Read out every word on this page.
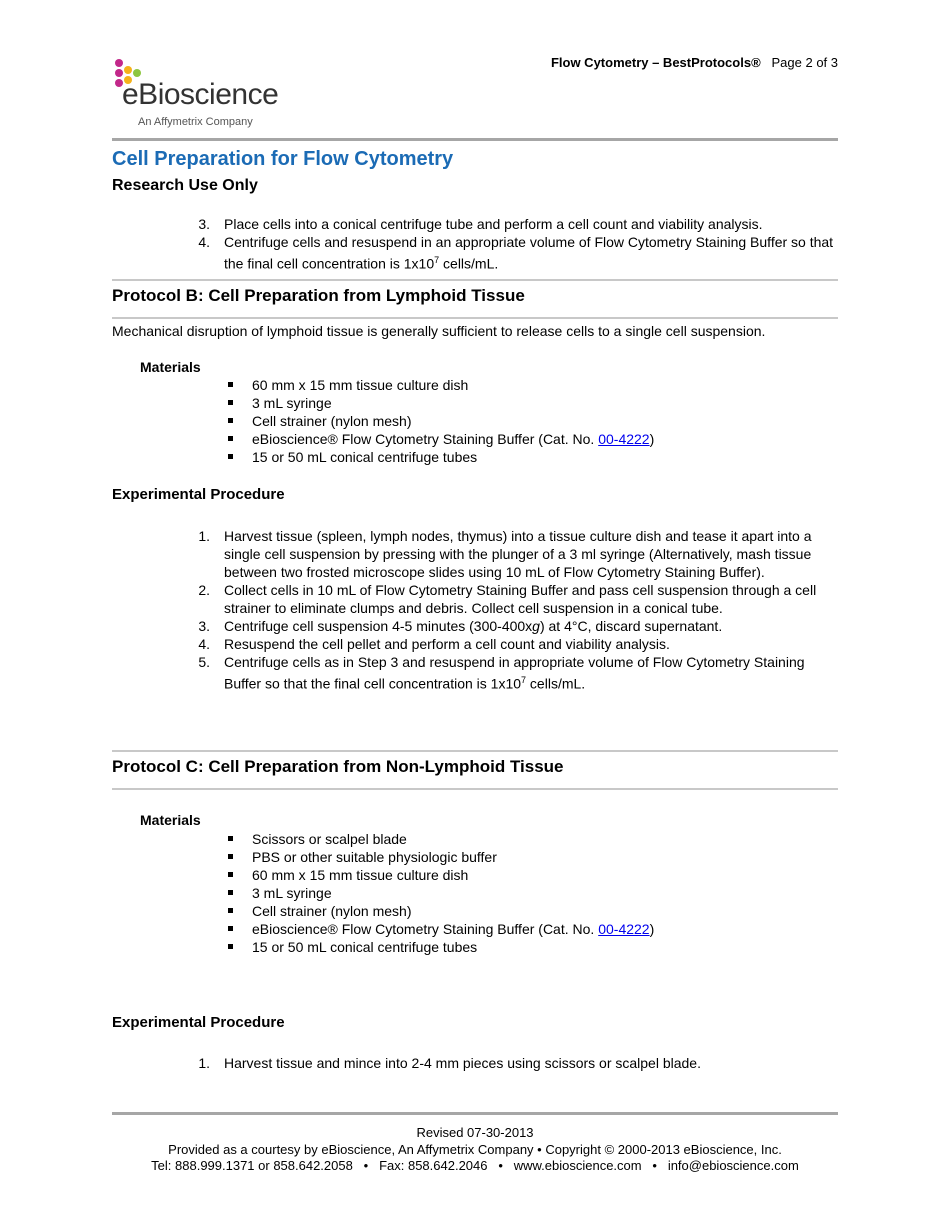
Flow Cytometry – BestProtocols® Page 2 of 3
eBioscience
An Affymetrix Company
Cell Preparation for Flow Cytometry
Research Use Only
3. Place cells into a conical centrifuge tube and perform a cell count and viability analysis.
4. Centrifuge cells and resuspend in an appropriate volume of Flow Cytometry Staining Buffer so that the final cell concentration is $1x10^7$ cells/mL.
Protocol B: Cell Preparation from Lymphoid Tissue
Mechanical disruption of lymphoid tissue is generally sufficient to release cells to a single cell suspension.
Materials
60 mm x 15 mm tissue culture dish
3 mL syringe
Cell strainer (nylon mesh)
eBioscience® Flow Cytometry Staining Buffer (Cat. No. 00-4222)
15 or 50 mL conical centrifuge tubes
Experimental Procedure
1. Harvest tissue (spleen, lymph nodes, thymus) into a tissue culture dish and tease it apart into a single cell suspension by pressing with the plunger of a 3 ml syringe (Alternatively, mash tissue between two frosted microscope slides using 10 mL of Flow Cytometry Staining Buffer).
2. Collect cells in 10 mL of Flow Cytometry Staining Buffer and pass cell suspension through a cell strainer to eliminate clumps and debris. Collect cell suspension in a conical tube.
3. Centrifuge cell suspension 4-5 minutes (300-400xg) at 4°C, discard supernatant.
4. Resuspend the cell pellet and perform a cell count and viability analysis.
5. Centrifuge cells as in Step 3 and resuspend in appropriate volume of Flow Cytometry Staining Buffer so that the final cell concentration is $1x10^7$ cells/mL.
Protocol C: Cell Preparation from Non-Lymphoid Tissue
Materials
Scissors or scalpel blade
PBS or other suitable physiologic buffer
60 mm x 15 mm tissue culture dish
3 mL syringe
Cell strainer (nylon mesh)
eBioscience® Flow Cytometry Staining Buffer (Cat. No. 00-4222)
15 or 50 mL conical centrifuge tubes
Experimental Procedure
1. Harvest tissue and mince into 2-4 mm pieces using scissors or scalpel blade.
Revised 07-30-2013
Provided as a courtesy by eBioscience, An Affymetrix Company • Copyright © 2000-2013 eBioscience, Inc.
Tel: 888.999.1371 or 858.642.2058   •   Fax: 858.642.2046   •   www.ebioscience.com   •   info@ebioscience.com
